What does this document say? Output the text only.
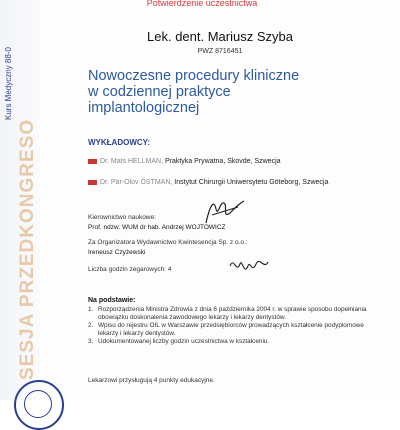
Kurs Medyczny 88-0
SESJA PRZEDKONGRESO
Potwierdzenie uczestnictwa
Lek. dent. Mariusz Szyba
PWZ 8716451
Nowoczesne procedury kliniczne
w codziennej praktyce
implantologicznej
WYKŁADOWCY:
Dr. Mats HELLMAN, Praktyka Prywatna, Skovde, Szwecja
Dr. Pär-Olov ÖSTMAN, Instytut Chirurgii Uniwersytetu Göteborg, Szwecja
Kierownictwo naukowe:
Prof. ndzw. WUM dr hab. Andrzej WOJTOWICZ
Za Organizatora Wydawnictwo Kwintesencja Sp. z o.o.:
Ireneusz Czyżewski
Liczba godzin zegarowych: 4
Na podstawie:
1. Rozporządzenia Ministra Zdrowia z dnia 6 października 2004 r. w sprawie sposobu dopełniania obowiązku doskonalenia zawodowego lekarzy i lekarzy dentystów.
2. Wpisu do rejestru OIL w Warszawie przedsiębiorców prowadzących kształcenie podyplomowe lekarzy i lekarzy dentystów.
3. Udokumentowanej liczby godzin uczestnictwa w kształceniu.
Lekarzowi przysługują 4 punkty edukacyjne.
